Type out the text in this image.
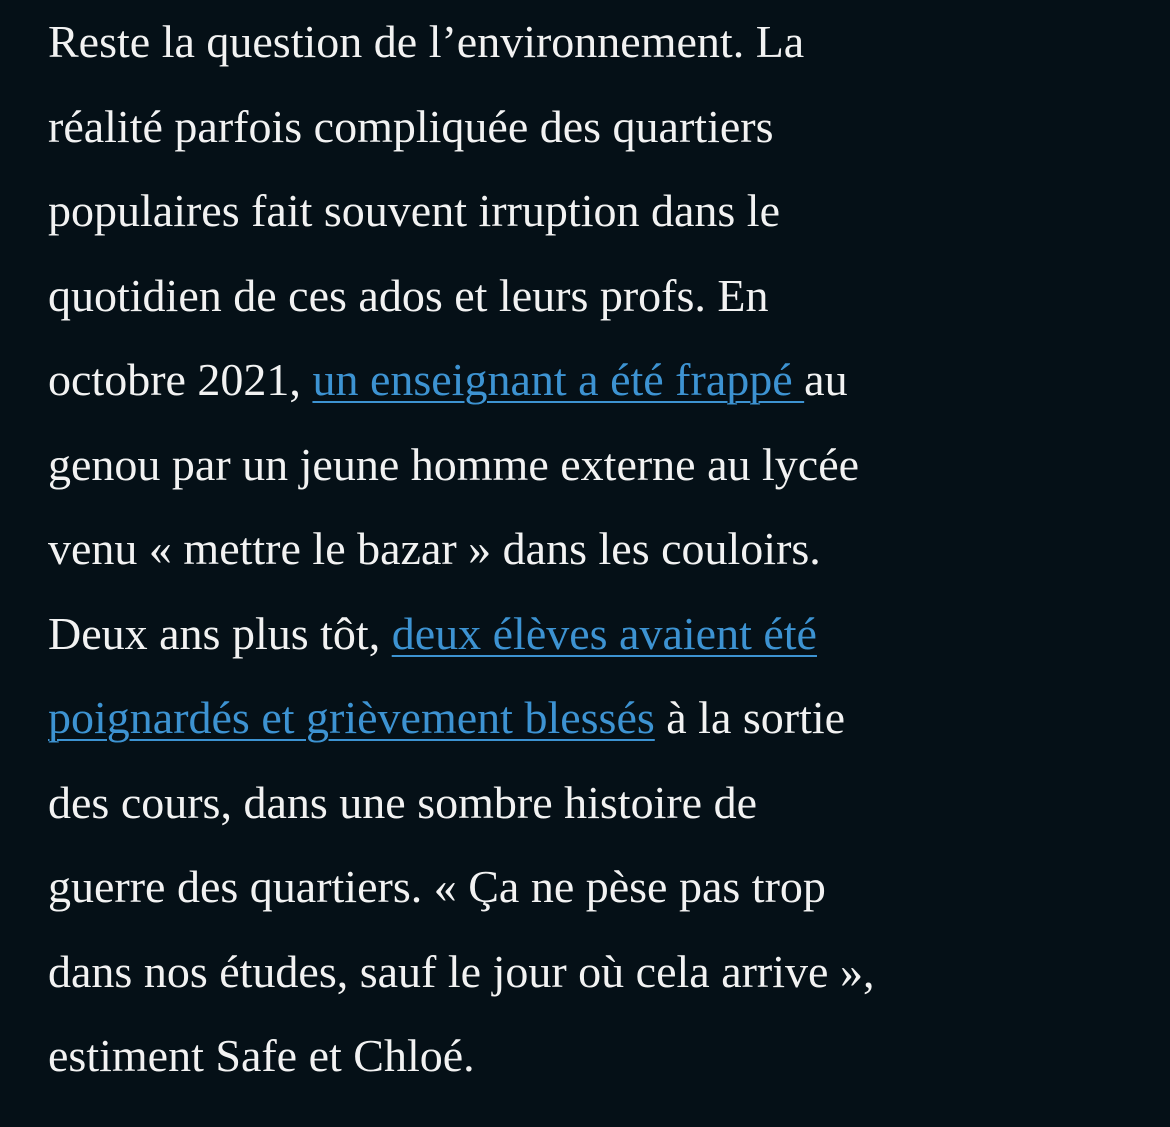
Reste la question de l’environnement. La
réalité parfois compliquée des quartiers
populaires fait souvent irruption dans le
quotidien de ces ados et leurs profs. En
octobre 2021, un enseignant a été frappé au
genou par un jeune homme externe au lycée
venu « mettre le bazar » dans les couloirs.
Deux ans plus tôt, deux élèves avaient été
poignardés et grièvement blessés à la sortie
des cours, dans une sombre histoire de
guerre des quartiers. « Ça ne pèse pas trop
dans nos études, sauf le jour où cela arrive »,
estiment Safe et Chloé.
